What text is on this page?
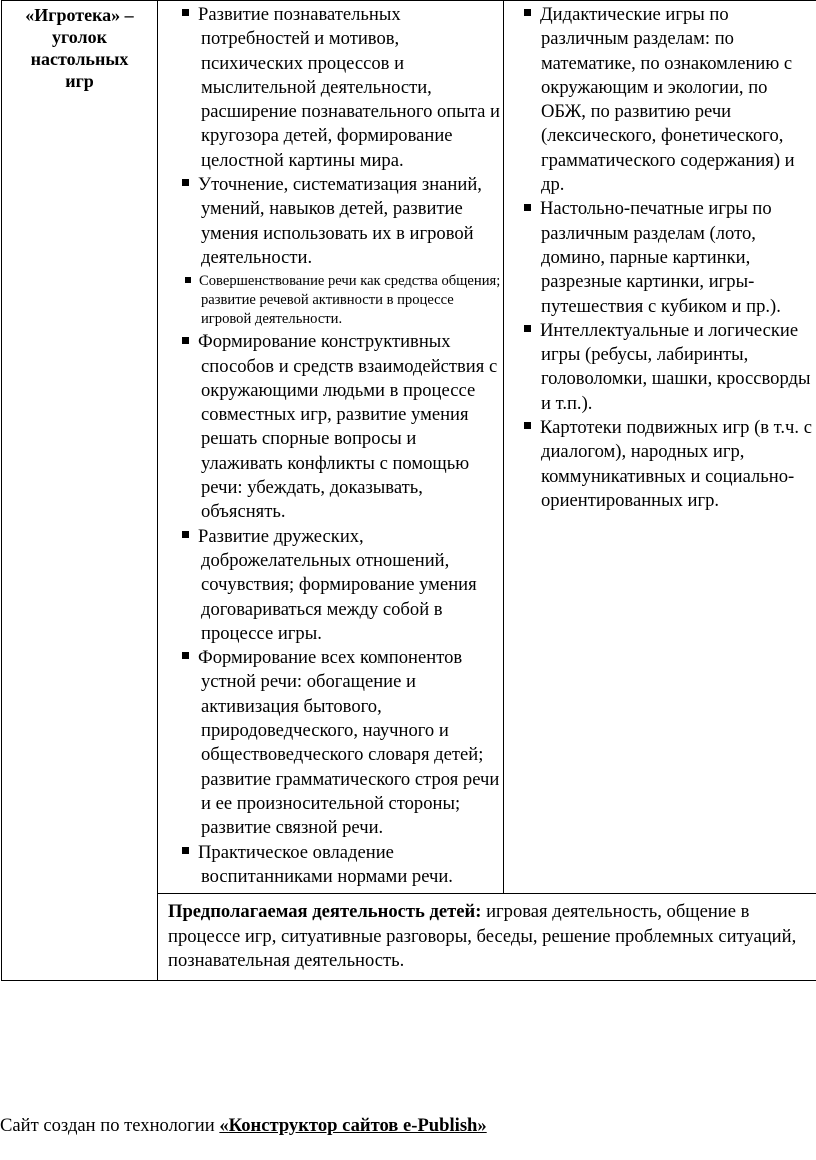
«Игротека» –
уголок
настольных
игр

Развитие познавательных потребностей и мотивов, психических процессов и мыслительной деятельности, расширение познавательного опыта и кругозора детей, формирование целостной картины мира.
Уточнение, систематизация знаний, умений, навыков детей, развитие умения использовать их в игровой деятельности.
Совершенствование речи как средства общения; развитие речевой активности в процессе игровой деятельности.
Формирование конструктивных способов и средств взаимодействия с окружающими людьми в процессе совместных игр, развитие умения решать спорные вопросы и улаживать конфликты с помощью речи: убеждать, доказывать, объяснять.
Развитие дружеских, доброжелательных отношений, сочувствия; формирование умения договариваться между собой в процессе игры.
Формирование всех компонентов устной речи: обогащение и активизация бытового, природоведческого, научного и обществоведческого словаря детей; развитие грамматического строя речи и ее произносительной стороны; развитие связной речи.
Практическое овладение воспитанниками нормами речи.

Дидактические игры по различным разделам: по математике, по ознакомлению с окружающим и экологии, по ОБЖ, по развитию речи (лексического, фонетического, грамматического содержания) и др.
Настольно-печатные игры по различным разделам (лото, домино, парные картинки, разрезные картинки, игры-путешествия с кубиком и пр.).
Интеллектуальные и логические игры (ребусы, лабиринты, головоломки, шашки, кроссворды и т.п.).
Картотеки подвижных игр (в т.ч. с диалогом), народных игр, коммуникативных и социально-ориентированных игр.

Предполагаемая деятельность детей: игровая деятельность, общение в процессе игр, ситуативные разговоры, беседы, решение проблемных ситуаций, познавательная деятельность.
Сайт создан по технологии «Конструктор сайтов e-Publish»
